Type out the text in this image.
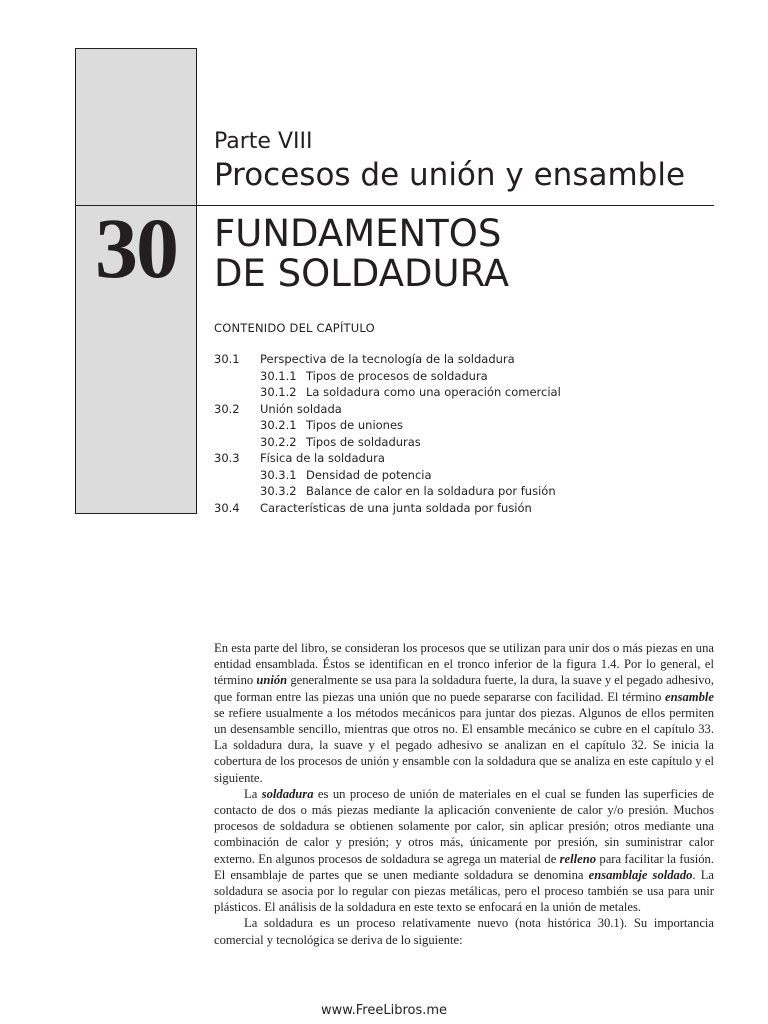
Parte VIII
Procesos de unión y ensamble
30	FUNDAMENTOS
DE SOLDADURA
CONTENIDO DEL CAPÍTULO
30.1 Perspectiva de la tecnología de la soldadura
30.1.1 Tipos de procesos de soldadura
30.1.2 La soldadura como una operación comercial
30.2 Unión soldada
30.2.1 Tipos de uniones
30.2.2 Tipos de soldaduras
30.3 Física de la soldadura
30.3.1 Densidad de potencia
30.3.2 Balance de calor en la soldadura por fusión
30.4 Características de una junta soldada por fusión

En esta parte del libro, se consideran los procesos que se utilizan para unir dos o más piezas en una entidad ensamblada. Éstos se identifican en el tronco inferior de la figura 1.4. Por lo general, el término unión generalmente se usa para la soldadura fuerte, la dura, la suave y el pegado adhesivo, que forman entre las piezas una unión que no puede separarse con facilidad. El término ensamble se refiere usualmente a los métodos mecánicos para juntar dos piezas. Algunos de ellos permiten un desensamble sencillo, mientras que otros no. El ensamble mecánico se cubre en el capítulo 33. La soldadura dura, la suave y el pegado adhesivo se analizan en el capítulo 32. Se inicia la cobertura de los procesos de unión y ensamble con la soldadura que se analiza en este capítulo y el siguiente.

La soldadura es un proceso de unión de materiales en el cual se funden las superficies de contacto de dos o más piezas mediante la aplicación conveniente de calor y/o presión. Muchos procesos de soldadura se obtienen solamente por calor, sin aplicar presión; otros mediante una combinación de calor y presión; y otros más, únicamente por presión, sin suministrar calor externo. En algunos procesos de soldadura se agrega un material de relleno para facilitar la fusión. El ensamblaje de partes que se unen mediante soldadura se denomina ensamblaje soldado. La soldadura se asocia por lo regular con piezas metálicas, pero el proceso también se usa para unir plásticos. El análisis de la soldadura en este texto se enfocará en la unión de metales.

La soldadura es un proceso relativamente nuevo (nota histórica 30.1). Su importancia comercial y tecnológica se deriva de lo siguiente:

www.FreeLibros.me
